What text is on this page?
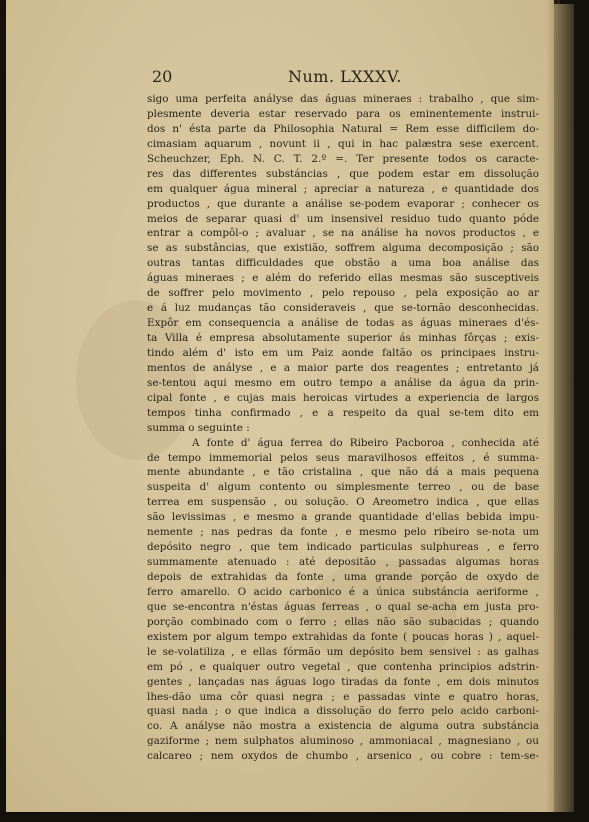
20	Num. LXXXV.
sigo uma perfeita anályse das águas mineraes : trabalho , que sim-
plesmente deveria estar reservado para os eminentemente instrui-
dos n' ésta parte da Philosophia Natural = Rem esse difficilem do-
cimasiam aquarum , novunt ii , qui in hac palæstra sese exercent.
Scheuchzer, Eph. N. C. T. 2.º =. Ter presente todos os caracte-
res das differentes substáncias , que podem estar em dissolução
em qualquer água mineral ; apreciar a natureza , e quantidade dos
productos , que durante a análise se-podem evaporar ; conhecer os
meios de separar quasi d' um insensivel residuo tudo quanto póde
entrar a compôl-o ; avaluar , se na análise ha novos productos , e
se as substâncias, que existião, soffrem alguma decomposição ; são
outras tantas difficuldades que obstão a uma boa análise das
águas mineraes ; e além do referido ellas mesmas são susceptiveis
de soffrer pelo movimento , pelo repouso , pela exposição ao ar
e á luz mudanças tão consideraveis , que se-tornão desconhecidas.
Expôr em consequencia a análise de todas as águas mineraes d'és-
ta Villa é empresa absolutamente superior ás minhas fôrças ; exis-
tindo além d' isto em um Paiz aonde faltão os principaes instru-
mentos de anályse , e a maior parte dos reagentes ; entretanto já
se-tentou aqui mesmo em outro tempo a análise da água da prin-
cipal fonte , e cujas mais heroicas virtudes a experiencia de largos
tempos tinha confirmado , e a respeito da qual se-tem dito em
summa o seguinte :
A fonte d' água ferrea do Ribeiro Pacboroa , conhecida até
de tempo immemorial pelos seus maravilhosos effeitos , é summa-
mente abundante , e tão cristalina , que não dá a mais pequena
suspeita d' algum contento ou simplesmente terreo , ou de base
terrea em suspensão , ou solução. O Areometro indica , que ellas
são levissimas , e mesmo a grande quantidade d'ellas bebida impu-
nemente ; nas pedras da fonte , e mesmo pelo ribeiro se-nota um
depósito negro , que tem indicado particulas sulphureas , e ferro
summamente atenuado : até depositão , passadas algumas horas
depois de extrahidas da fonte , uma grande porção de oxydo de
ferro amarello. O acido carbonico é a única substáncia aeriforme ,
que se-encontra n'éstas águas ferreas , o qual se-acha em justa pro-
porção combinado com o ferro ; ellas não são subacidas ; quando
existem por algum tempo extrahidas da fonte ( poucas horas ) , aquel-
le se-volatiliza , e ellas fórmão um depósito bem sensivel : as galhas
em pó , e qualquer outro vegetal , que contenha principios adstrin-
gentes , lançadas nas águas logo tiradas da fonte , em dois minutos
lhes-dão uma côr quasi negra ; e passadas vinte e quatro horas,
quasi nada ; o que indica a dissolução do ferro pelo acido carboni-
co. A anályse não mostra a existencia de alguma outra substáncia
gaziforme ; nem sulphatos aluminoso , ammoniacal , magnesiano , ou
calcareo ; nem oxydos de chumbo , arsenico , ou cobre : tem-se-
